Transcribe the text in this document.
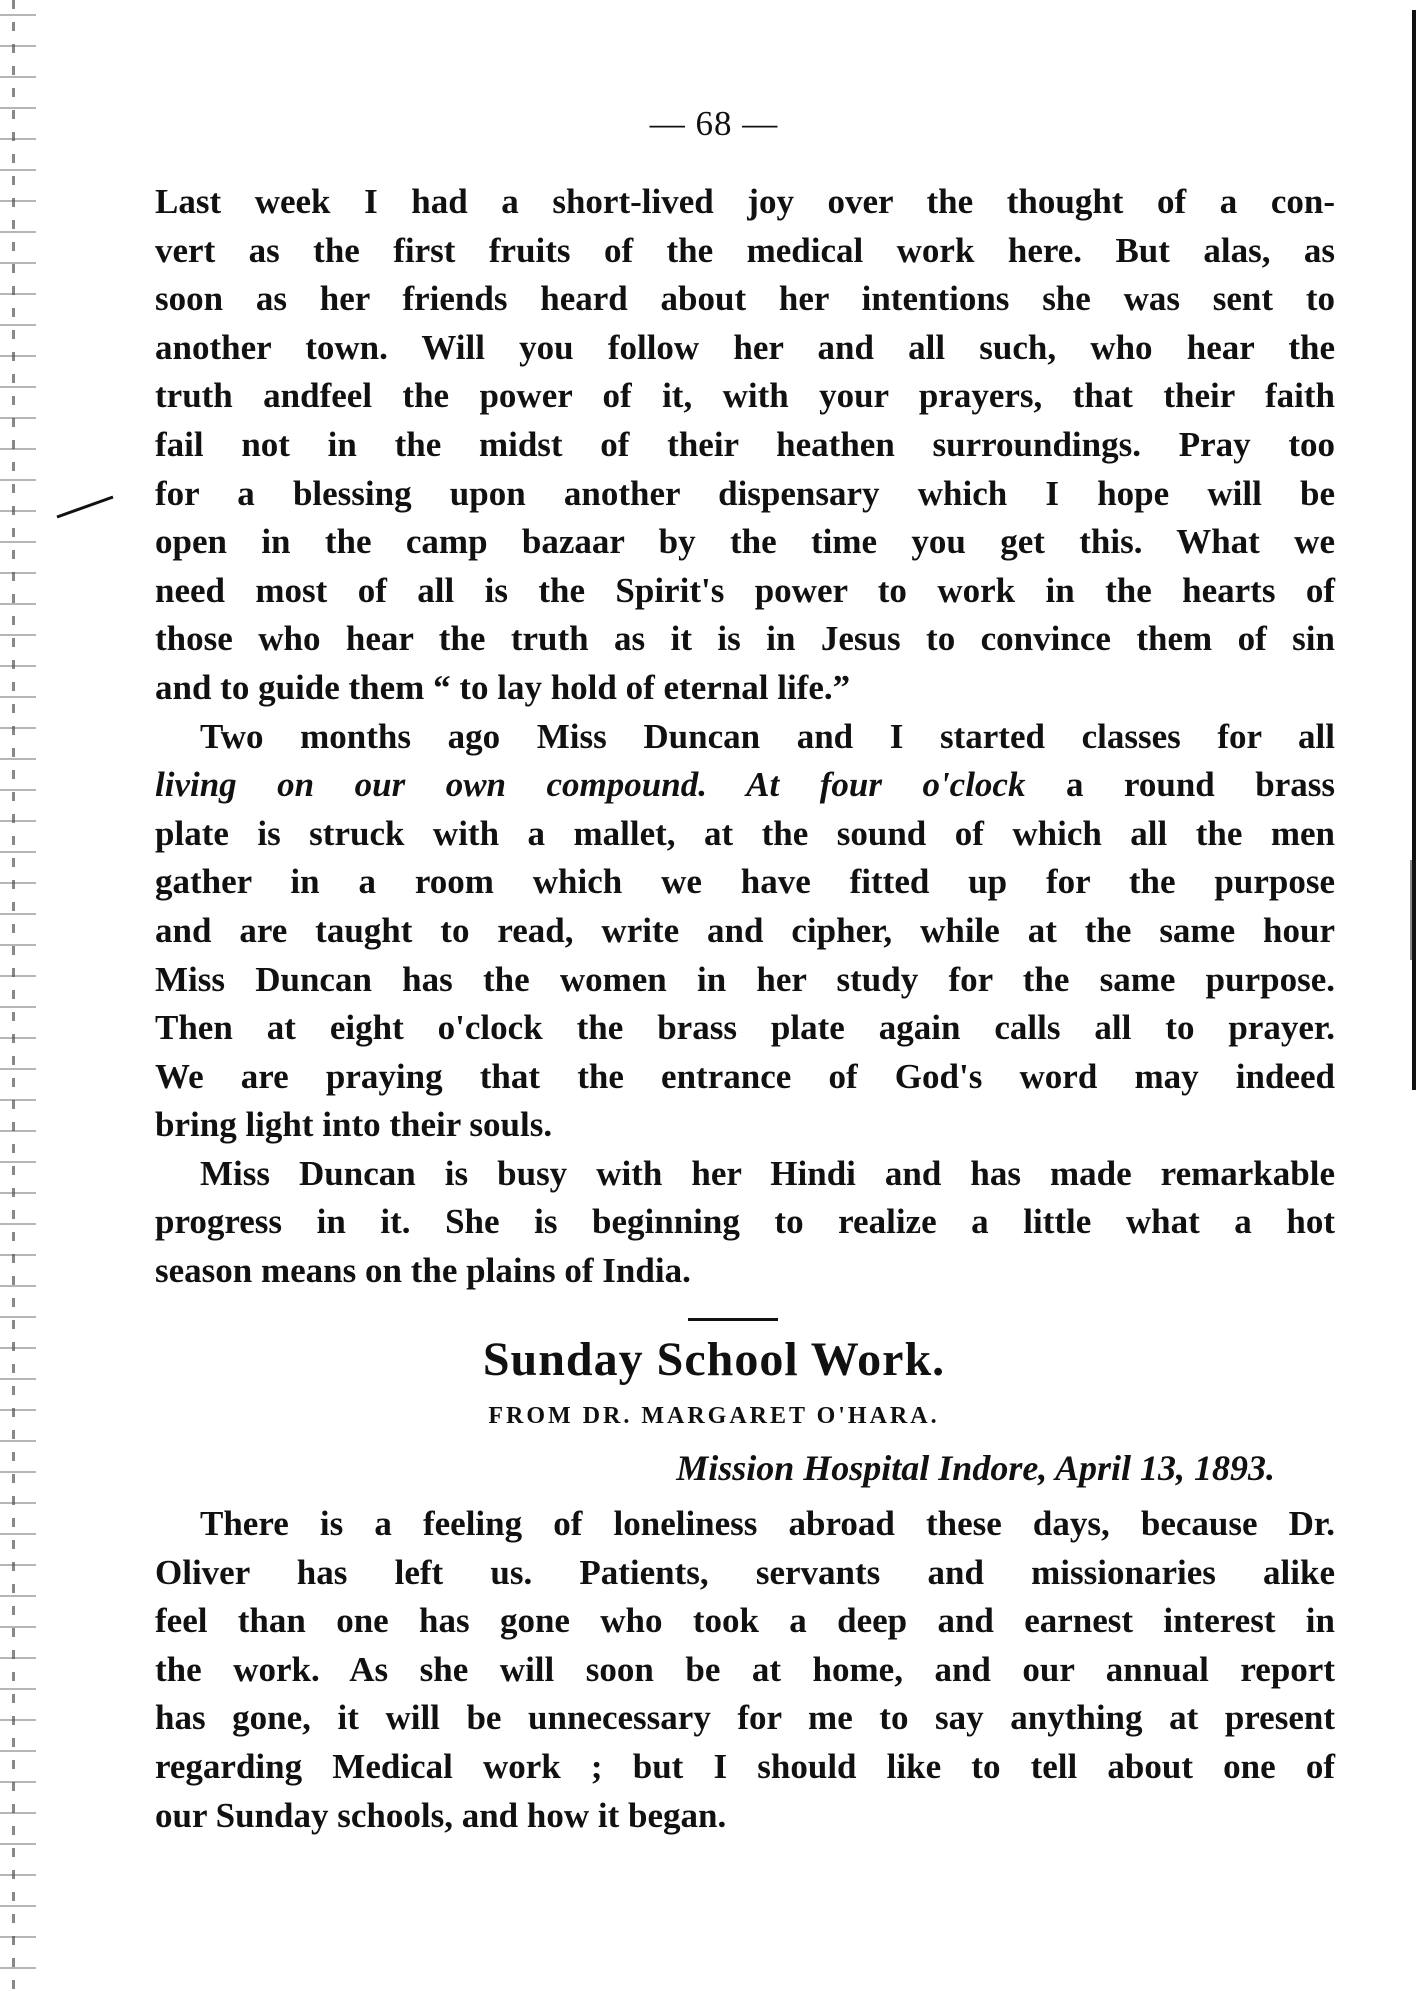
— 68 —
Last week I had a short-lived joy over the thought of a con-
vert as the first fruits of the medical work here. But alas, as
soon as her friends heard about her intentions she was sent to
another town. Will you follow her and all such, who hear the
truth andfeel the power of it, with your prayers, that their faith
fail not in the midst of their heathen surroundings. Pray too
for a blessing upon another dispensary which I hope will be
open in the camp bazaar by the time you get this. What we
need most of all is the Spirit's power to work in the hearts of
those who hear the truth as it is in Jesus to convince them of sin
and to guide them “ to lay hold of eternal life.”
Two months ago Miss Duncan and I started classes for all
living on our own compound. At four o'clock a round brass
plate is struck with a mallet, at the sound of which all the men
gather in a room which we have fitted up for the purpose
and are taught to read, write and cipher, while at the same hour
Miss Duncan has the women in her study for the same purpose.
Then at eight o'clock the brass plate again calls all to prayer.
We are praying that the entrance of God's word may indeed
bring light into their souls.
Miss Duncan is busy with her Hindi and has made remarkable
progress in it. She is beginning to realize a little what a hot
season means on the plains of India.
Sunday School Work.
FROM DR. MARGARET O'HARA.
Mission Hospital Indore, April 13, 1893.
There is a feeling of loneliness abroad these days, because Dr.
Oliver has left us. Patients, servants and missionaries alike
feel than one has gone who took a deep and earnest interest in
the work. As she will soon be at home, and our annual report
has gone, it will be unnecessary for me to say anything at present
regarding Medical work ; but I should like to tell about one of
our Sunday schools, and how it began.
